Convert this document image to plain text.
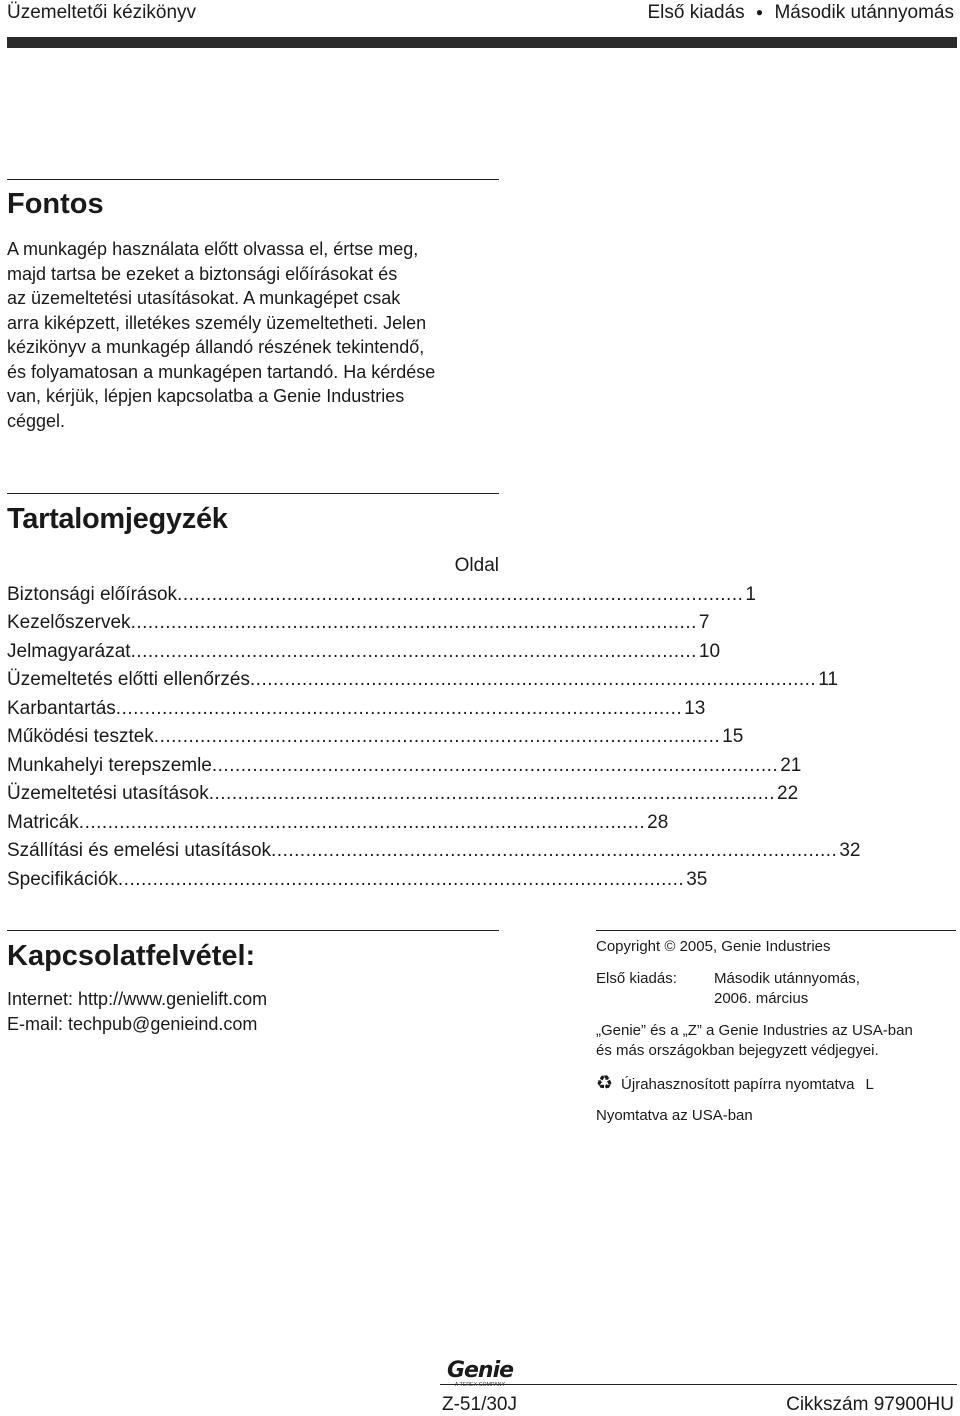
Üzemeltetői kézikönyv	Első kiadás ● Második utánnyomás
Fontos
A munkagép használata előtt olvassa el, értse meg,
majd tartsa be ezeket a biztonsági előírásokat és
az üzemeltetési utasításokat. A munkagépet csak
arra kiképzett, illetékes személy üzemeltetheti. Jelen
kézikönyv a munkagép állandó részének tekintendő,
és folyamatosan a munkagépen tartandó. Ha kérdése
van, kérjük, lépjen kapcsolatba a Genie Industries
céggel.
Tartalomjegyzék
Oldal
Biztonsági előírások .................................................................................................. 1
Kezelőszervek .................................................................................................. 7
Jelmagyarázat .................................................................................................. 10
Üzemeltetés előtti ellenőrzés .................................................................................................. 11
Karbantartás .................................................................................................. 13
Működési tesztek .................................................................................................. 15
Munkahelyi terepszemle .................................................................................................. 21
Üzemeltetési utasítások .................................................................................................. 22
Matricák .................................................................................................. 28
Szállítási és emelési utasítások .................................................................................................. 32
Specifikációk .................................................................................................. 35
Kapcsolatfelvétel:
Internet: http://www.genielift.com
E-mail: techpub@genieind.com
Copyright © 2005, Genie Industries
Első kiadás: Második utánnyomás,
2006. március
„Genie” és a „Z” a Genie Industries az USA-ban
és más országokban bejegyzett védjegyei.
♻ Újrahasznosított papírra nyomtatva L
Nyomtatva az USA-ban
Genie
A TEREX COMPANY
Z-51/30J	Cikkszám 97900HU
